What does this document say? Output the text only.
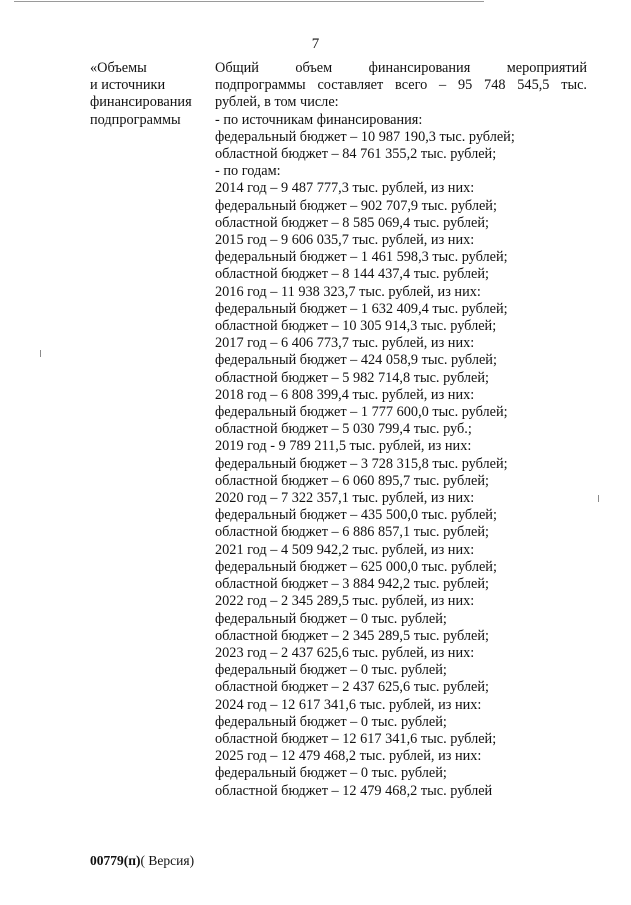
7
«Объемы
и источники
финансирования
подпрограммы
Общий объем финансирования мероприятий
подпрограммы составляет всего – 95 748 545,5 тыс.
рублей, в том числе:
- по источникам финансирования:
федеральный бюджет – 10 987 190,3 тыс. рублей;
областной бюджет – 84 761 355,2 тыс. рублей;
- по годам:
2014 год – 9 487 777,3 тыс. рублей, из них:
федеральный бюджет – 902 707,9 тыс. рублей;
областной бюджет – 8 585 069,4 тыс. рублей;
2015 год – 9 606 035,7 тыс. рублей, из них:
федеральный бюджет – 1 461 598,3 тыс. рублей;
областной бюджет – 8 144 437,4 тыс. рублей;
2016 год – 11 938 323,7 тыс. рублей, из них:
федеральный бюджет – 1 632 409,4 тыс. рублей;
областной бюджет – 10 305 914,3 тыс. рублей;
2017 год – 6 406 773,7 тыс. рублей, из них:
федеральный бюджет – 424 058,9 тыс. рублей;
областной бюджет – 5 982 714,8 тыс. рублей;
2018 год – 6 808 399,4 тыс. рублей, из них:
федеральный бюджет – 1 777 600,0 тыс. рублей;
областной бюджет – 5 030 799,4 тыс. руб.;
2019 год - 9 789 211,5 тыс. рублей, из них:
федеральный бюджет – 3 728 315,8 тыс. рублей;
областной бюджет – 6 060 895,7 тыс. рублей;
2020 год – 7 322 357,1 тыс. рублей, из них:
федеральный бюджет – 435 500,0 тыс. рублей;
областной бюджет – 6 886 857,1 тыс. рублей;
2021 год – 4 509 942,2 тыс. рублей, из них:
федеральный бюджет – 625 000,0 тыс. рублей;
областной бюджет – 3 884 942,2 тыс. рублей;
2022 год – 2 345 289,5 тыс. рублей, из них:
федеральный бюджет – 0 тыс. рублей;
областной бюджет – 2 345 289,5 тыс. рублей;
2023 год – 2 437 625,6 тыс. рублей, из них:
федеральный бюджет – 0 тыс. рублей;
областной бюджет – 2 437 625,6 тыс. рублей;
2024 год – 12 617 341,6 тыс. рублей, из них:
федеральный бюджет – 0 тыс. рублей;
областной бюджет – 12 617 341,6 тыс. рублей;
2025 год – 12 479 468,2 тыс. рублей, из них:
федеральный бюджет – 0 тыс. рублей;
областной бюджет – 12 479 468,2 тыс. рублей
00779(п)( Версия)
